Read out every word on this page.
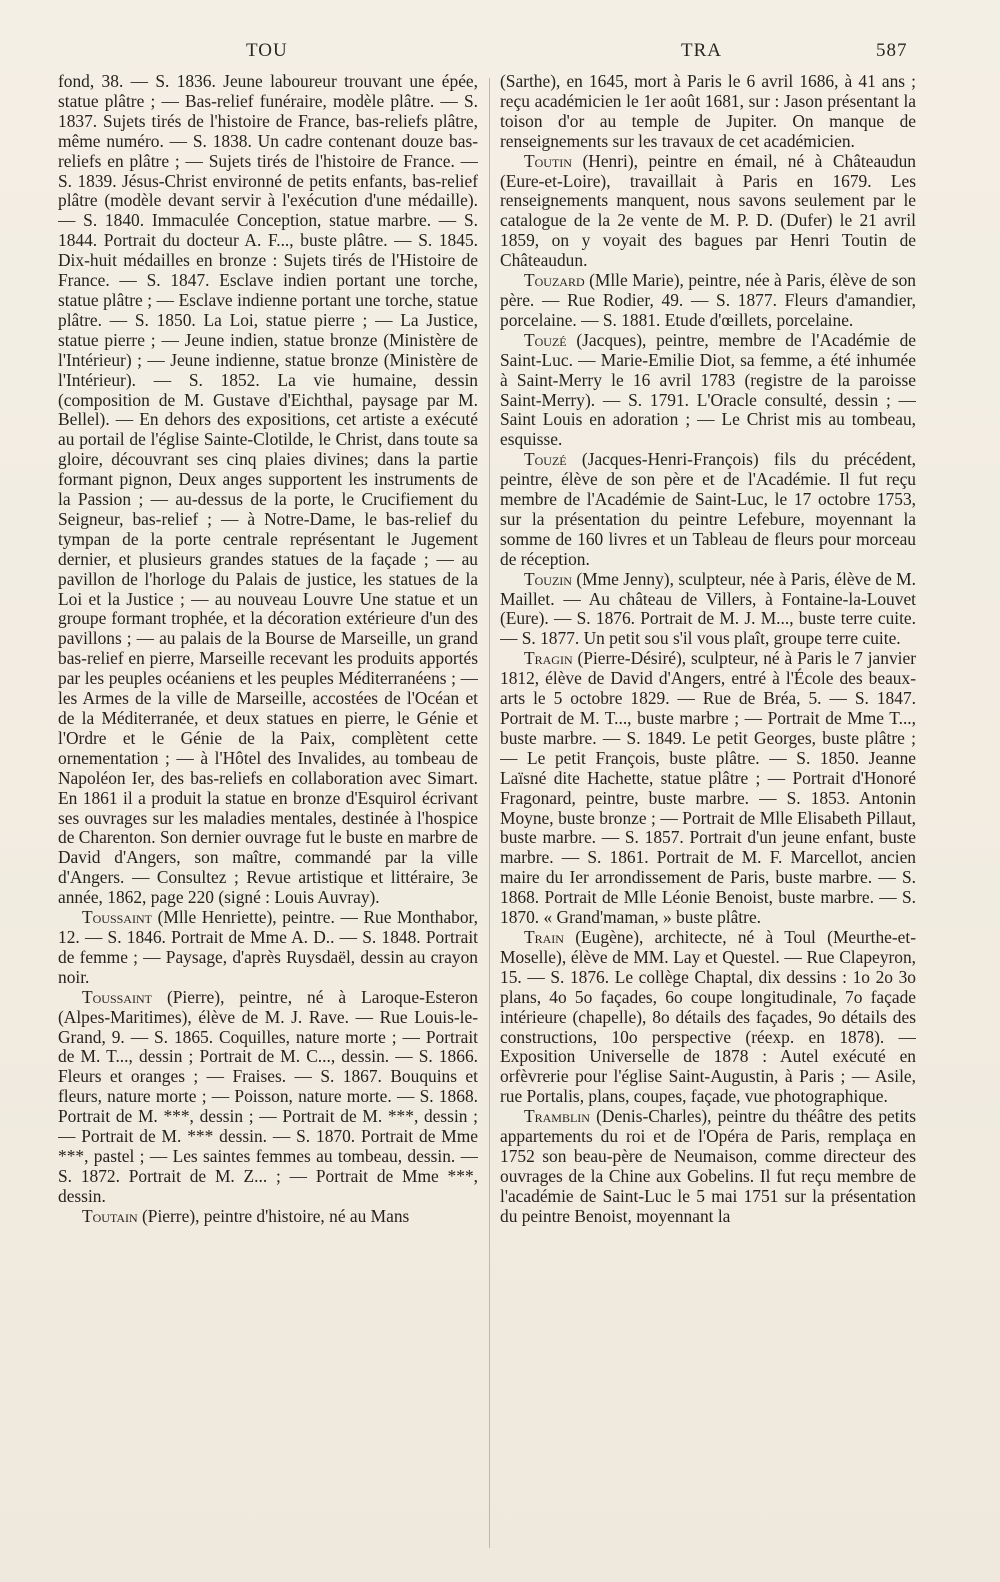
TOU	TRA	587

fond, 38. — S. 1836. Jeune laboureur trouvant une épée, statue plâtre ; — Bas-relief funéraire, modèle plâtre. — S. 1837. Sujets tirés de l'histoire de France, bas-reliefs plâtre, même numéro. — S. 1838. Un cadre contenant douze bas-reliefs en plâtre ; — Sujets tirés de l'histoire de France. — S. 1839. Jésus-Christ environné de petits enfants, bas-relief plâtre (modèle devant servir à l'exécution d'une médaille). — S. 1840. Immaculée Conception, statue marbre. — S. 1844. Portrait du docteur A. F..., buste plâtre. — S. 1845. Dix-huit médailles en bronze : Sujets tirés de l'Histoire de France. — S. 1847. Esclave indien portant une torche, statue plâtre ; — Esclave indienne portant une torche, statue plâtre. — S. 1850. La Loi, statue pierre ; — La Justice, statue pierre ; — Jeune indien, statue bronze (Ministère de l'Intérieur) ; — Jeune indienne, statue bronze (Ministère de l'Intérieur). — S. 1852. La vie humaine, dessin (composition de M. Gustave d'Eichthal, paysage par M. Bellel). — En dehors des expositions, cet artiste a exécuté au portail de l'église Sainte-Clotilde, le Christ, dans toute sa gloire, découvrant ses cinq plaies divines; dans la partie formant pignon, Deux anges supportent les instruments de la Passion ; — au-dessus de la porte, le Crucifiement du Seigneur, bas-relief ; — à Notre-Dame, le bas-relief du tympan de la porte centrale représentant le Jugement dernier, et plusieurs grandes statues de la façade ; — au pavillon de l'horloge du Palais de justice, les statues de la Loi et la Justice ; — au nouveau Louvre Une statue et un groupe formant trophée, et la décoration extérieure d'un des pavillons ; — au palais de la Bourse de Marseille, un grand bas-relief en pierre, Marseille recevant les produits apportés par les peuples océaniens et les peuples Méditerranéens ; — les Armes de la ville de Marseille, accostées de l'Océan et de la Méditerranée, et deux statues en pierre, le Génie et l'Ordre et le Génie de la Paix, complètent cette ornementation ; — à l'Hôtel des Invalides, au tombeau de Napoléon Ier, des bas-reliefs en collaboration avec Simart. En 1861 il a produit la statue en bronze d'Esquirol écrivant ses ouvrages sur les maladies mentales, destinée à l'hospice de Charenton. Son dernier ouvrage fut le buste en marbre de David d'Angers, son maître, commandé par la ville d'Angers. — Consultez ; Revue artistique et littéraire, 3e année, 1862, page 220 (signé : Louis Auvray).

Toussaint (Mlle Henriette), peintre. — Rue Monthabor, 12. — S. 1846. Portrait de Mme A. D.. — S. 1848. Portrait de femme ; — Paysage, d'après Ruysdaël, dessin au crayon noir.

Toussaint (Pierre), peintre, né à Laroque-Esteron (Alpes-Maritimes), élève de M. J. Rave. — Rue Louis-le-Grand, 9. — S. 1865. Coquilles, nature morte ; — Portrait de M. T..., dessin ; Portrait de M. C..., dessin. — S. 1866. Fleurs et oranges ; — Fraises. — S. 1867. Bouquins et fleurs, nature morte ; — Poisson, nature morte. — S. 1868. Portrait de M. ***, dessin ; — Portrait de M. ***, dessin ; — Portrait de M. *** dessin. — S. 1870. Portrait de Mme ***, pastel ; — Les saintes femmes au tombeau, dessin. — S. 1872. Portrait de M. Z... ; — Portrait de Mme ***, dessin.

Toutain (Pierre), peintre d'histoire, né au Mans

(Sarthe), en 1645, mort à Paris le 6 avril 1686, à 41 ans ; reçu académicien le 1er août 1681, sur : Jason présentant la toison d'or au temple de Jupiter. On manque de renseignements sur les travaux de cet académicien.

Toutin (Henri), peintre en émail, né à Châteaudun (Eure-et-Loire), travaillait à Paris en 1679. Les renseignements manquent, nous savons seulement par le catalogue de la 2e vente de M. P. D. (Dufer) le 21 avril 1859, on y voyait des bagues par Henri Toutin de Châteaudun.

Touzard (Mlle Marie), peintre, née à Paris, élève de son père. — Rue Rodier, 49. — S. 1877. Fleurs d'amandier, porcelaine. — S. 1881. Etude d'œillets, porcelaine.

Touzé (Jacques), peintre, membre de l'Académie de Saint-Luc. — Marie-Emilie Diot, sa femme, a été inhumée à Saint-Merry le 16 avril 1783 (registre de la paroisse Saint-Merry). — S. 1791. L'Oracle consulté, dessin ; — Saint Louis en adoration ; — Le Christ mis au tombeau, esquisse.

Touzé (Jacques-Henri-François) fils du précédent, peintre, élève de son père et de l'Académie. Il fut reçu membre de l'Académie de Saint-Luc, le 17 octobre 1753, sur la présentation du peintre Lefebure, moyennant la somme de 160 livres et un Tableau de fleurs pour morceau de réception.

Touzin (Mme Jenny), sculpteur, née à Paris, élève de M. Maillet. — Au château de Villers, à Fontaine-la-Louvet (Eure). — S. 1876. Portrait de M. J. M..., buste terre cuite. — S. 1877. Un petit sou s'il vous plaît, groupe terre cuite.

Tragin (Pierre-Désiré), sculpteur, né à Paris le 7 janvier 1812, élève de David d'Angers, entré à l'École des beaux-arts le 5 octobre 1829. — Rue de Bréa, 5. — S. 1847. Portrait de M. T..., buste marbre ; — Portrait de Mme T..., buste marbre. — S. 1849. Le petit Georges, buste plâtre ; — Le petit François, buste plâtre. — S. 1850. Jeanne Laïsné dite Hachette, statue plâtre ; — Portrait d'Honoré Fragonard, peintre, buste marbre. — S. 1853. Antonin Moyne, buste bronze ; — Portrait de Mlle Elisabeth Pillaut, buste marbre. — S. 1857. Portrait d'un jeune enfant, buste marbre. — S. 1861. Portrait de M. F. Marcellot, ancien maire du Ier arrondissement de Paris, buste marbre. — S. 1868. Portrait de Mlle Léonie Benoist, buste marbre. — S. 1870. « Grand'maman, » buste plâtre.

Train (Eugène), architecte, né à Toul (Meurthe-et-Moselle), élève de MM. Lay et Questel. — Rue Clapeyron, 15. — S. 1876. Le collège Chaptal, dix dessins : 1o 2o 3o plans, 4o 5o façades, 6o coupe longitudinale, 7o façade intérieure (chapelle), 8o détails des façades, 9o détails des constructions, 10o perspective (réexp. en 1878). — Exposition Universelle de 1878 : Autel exécuté en orfèvrerie pour l'église Saint-Augustin, à Paris ; — Asile, rue Portalis, plans, coupes, façade, vue photographique.

Tramblin (Denis-Charles), peintre du théâtre des petits appartements du roi et de l'Opéra de Paris, remplaça en 1752 son beau-père de Neumaison, comme directeur des ouvrages de la Chine aux Gobelins. Il fut reçu membre de l'académie de Saint-Luc le 5 mai 1751 sur la présentation du peintre Benoist, moyennant la
